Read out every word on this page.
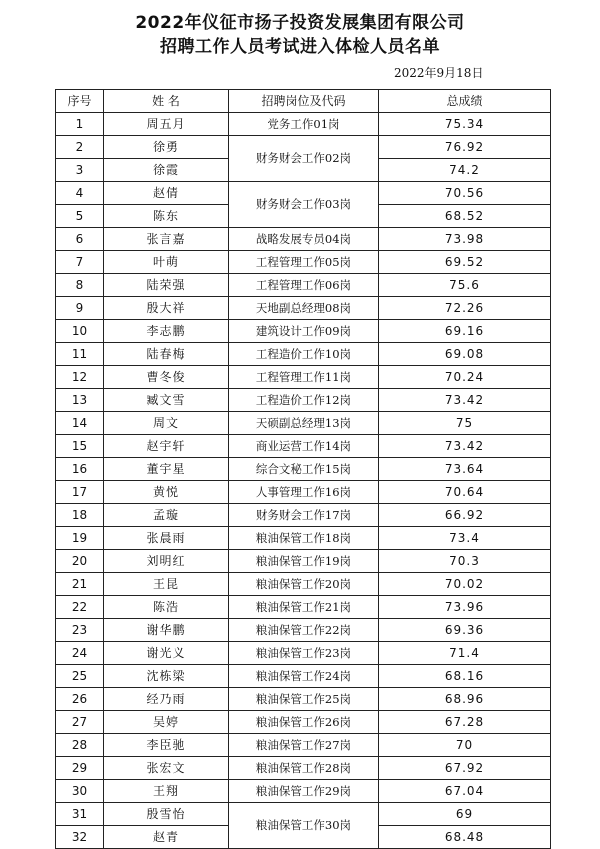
2022年仪征市扬子投资发展集团有限公司
招聘工作人员考试进入体检人员名单
2022年9月18日
序号	姓 名	招聘岗位及代码	总成绩
1	周五月	党务工作01岗	75.34
2	徐勇	财务财会工作02岗	76.92
3	徐霞		74.2
4	赵倩	财务财会工作03岗	70.56
5	陈东		68.52
6	张言嘉	战略发展专员04岗	73.98
7	叶萌	工程管理工作05岗	69.52
8	陆荣强	工程管理工作06岗	75.6
9	殷大祥	天地副总经理08岗	72.26
10	李志鹏	建筑设计工作09岗	69.16
11	陆春梅	工程造价工作10岗	69.08
12	曹冬俊	工程管理工作11岗	70.24
13	臧文雪	工程造价工作12岗	73.42
14	周文	天硕副总经理13岗	75
15	赵宇轩	商业运营工作14岗	73.42
16	董宇星	综合文秘工作15岗	73.64
17	黄悦	人事管理工作16岗	70.64
18	孟璇	财务财会工作17岗	66.92
19	张晨雨	粮油保管工作18岗	73.4
20	刘明红	粮油保管工作19岗	70.3
21	王昆	粮油保管工作20岗	70.02
22	陈浩	粮油保管工作21岗	73.96
23	谢华鹏	粮油保管工作22岗	69.36
24	谢光义	粮油保管工作23岗	71.4
25	沈栋梁	粮油保管工作24岗	68.16
26	经乃雨	粮油保管工作25岗	68.96
27	吴婷	粮油保管工作26岗	67.28
28	李臣驰	粮油保管工作27岗	70
29	张宏文	粮油保管工作28岗	67.92
30	王翔	粮油保管工作29岗	67.04
31	殷雪怡	粮油保管工作30岗	69
32	赵青		68.48
